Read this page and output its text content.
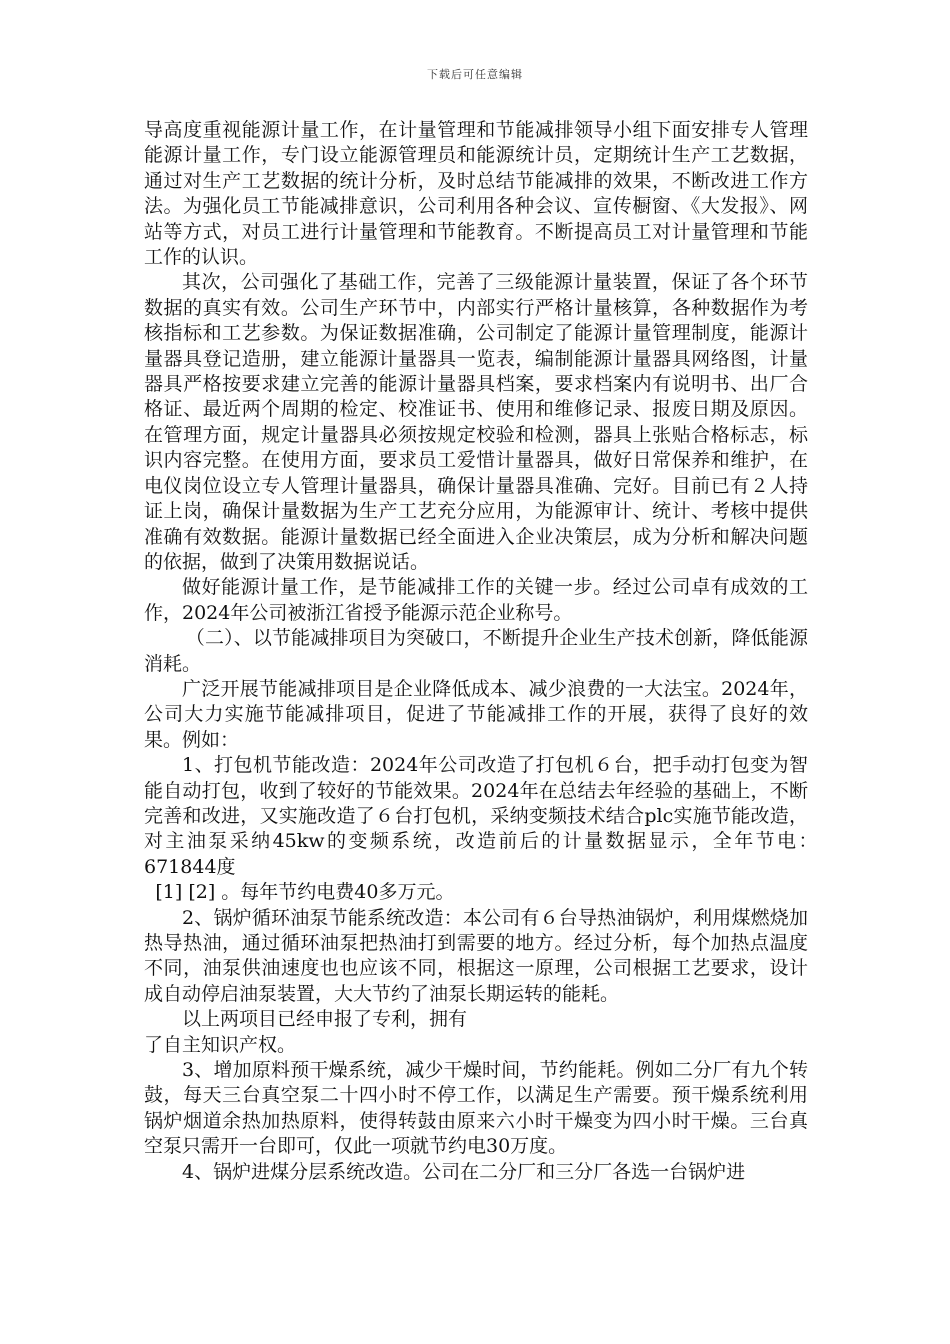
下载后可任意编辑

导高度重视能源计量工作，在计量管理和节能减排领导小组下面安排专人管理能源计量工作，专门设立能源管理员和能源统计员，定期统计生产工艺数据，通过对生产工艺数据的统计分析，及时总结节能减排的效果，不断改进工作方法。为强化员工节能减排意识，公司利用各种会议、宣传橱窗、《大发报》、网站等方式，对员工进行计量管理和节能教育。不断提高员工对计量管理和节能工作的认识。

其次，公司强化了基础工作，完善了三级能源计量装置，保证了各个环节数据的真实有效。公司生产环节中，内部实行严格计量核算，各种数据作为考核指标和工艺参数。为保证数据准确，公司制定了能源计量管理制度，能源计量器具登记造册，建立能源计量器具一览表，编制能源计量器具网络图，计量器具严格按要求建立完善的能源计量器具档案，要求档案内有说明书、出厂合格证、最近两个周期的检定、校准证书、使用和维修记录、报废日期及原因。在管理方面，规定计量器具必须按规定校验和检测，器具上张贴合格标志，标识内容完整。在使用方面，要求员工爱惜计量器具，做好日常保养和维护，在电仪岗位设立专人管理计量器具，确保计量器具准确、完好。目前已有２人持证上岗，确保计量数据为生产工艺充分应用，为能源审计、统计、考核中提供准确有效数据。能源计量数据已经全面进入企业决策层，成为分析和解决问题的依据，做到了决策用数据说话。

做好能源计量工作，是节能减排工作的关键一步。经过公司卓有成效的工作，2024年公司被浙江省授予能源示范企业称号。

（二）、以节能减排项目为突破口，不断提升企业生产技术创新，降低能源消耗。

广泛开展节能减排项目是企业降低成本、减少浪费的一大法宝。2024年，公司大力实施节能减排项目，促进了节能减排工作的开展，获得了良好的效果。例如：

1、打包机节能改造：2024年公司改造了打包机６台，把手动打包变为智能自动打包，收到了较好的节能效果。2024年在总结去年经验的基础上，不断完善和改进，又实施改造了６台打包机，采纳变频技术结合plc实施节能改造，对主油泵采纳45kw的变频系统，改造前后的计量数据显示，全年节电：　671844度

[1] [2] 。每年节约电费40多万元。

2、锅炉循环油泵节能系统改造：本公司有６台导热油锅炉，利用煤燃烧加热导热油，通过循环油泵把热油打到需要的地方。经过分析，每个加热点温度不同，油泵供油速度也也应该不同，根据这一原理，公司根据工艺要求，设计成自动停启油泵装置，大大节约了油泵长期运转的能耗。

以上两项目已经申报了专利，拥有

了自主知识产权。

3、增加原料预干燥系统，减少干燥时间，节约能耗。例如二分厂有九个转鼓，每天三台真空泵二十四小时不停工作，以满足生产需要。预干燥系统利用锅炉烟道余热加热原料，使得转鼓由原来六小时干燥变为四小时干燥。三台真空泵只需开一台即可，仅此一项就节约电30万度。

4、锅炉进煤分层系统改造。公司在二分厂和三分厂各选一台锅炉进
